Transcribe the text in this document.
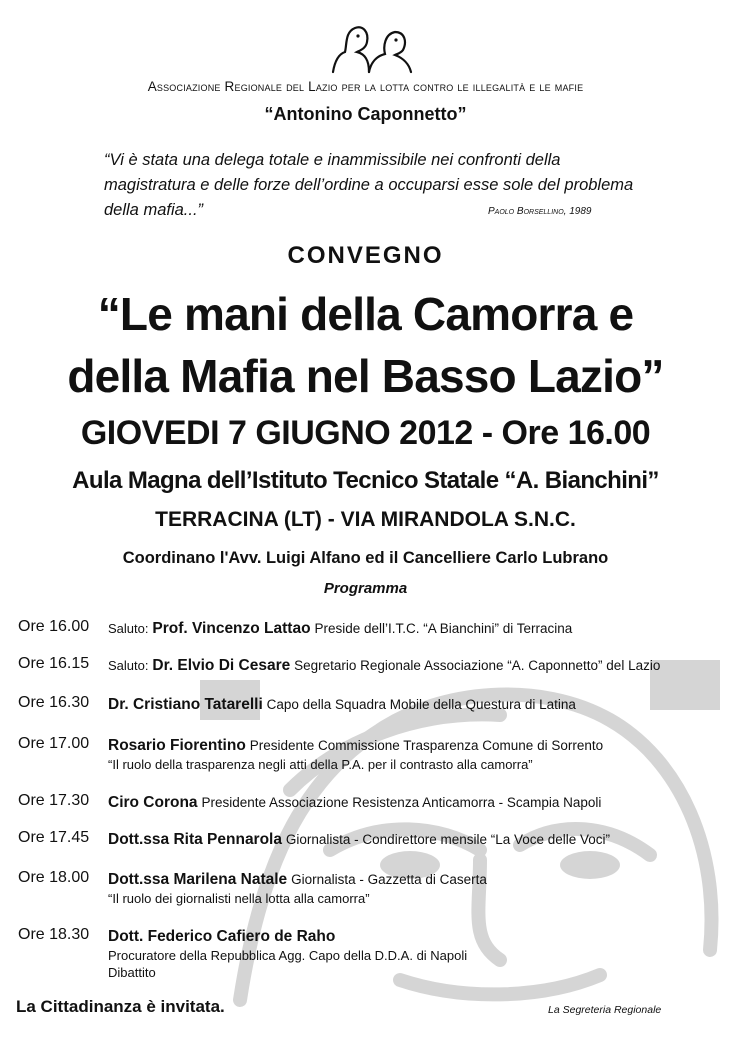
Associazione Regionale del Lazio per la lotta contro le illegalità e le mafie
“Antonino Caponnetto”
“Vi è stata una delega totale e inammissibile nei confronti della magistratura e delle forze dell’ordine a occuparsi esse sole del problema della mafia...”	Paolo Borsellino, 1989
CONVEGNO
“Le mani della Camorra e
della Mafia nel Basso Lazio”
GIOVEDI 7 GIUGNO 2012 - Ore 16.00
Aula Magna dell’Istituto Tecnico Statale “A. Bianchini”
TERRACINA (LT) - VIA MIRANDOLA S.N.C.
Coordinano l'Avv. Luigi Alfano ed il Cancelliere Carlo Lubrano
Programma
Ore 16.00 Saluto: Prof. Vincenzo Lattao Preside dell’I.T.C. “A Bianchini” di Terracina
Ore 16.15 Saluto: Dr. Elvio Di Cesare Segretario Regionale Associazione “A. Caponnetto” del Lazio
Ore 16.30 Dr. Cristiano Tatarelli Capo della Squadra Mobile della Questura di Latina
Ore 17.00 Rosario Fiorentino Presidente Commissione Trasparenza Comune di Sorrento
“Il ruolo della trasparenza negli atti della P.A. per il contrasto alla camorra”
Ore 17.30 Ciro Corona Presidente Associazione Resistenza Anticamorra - Scampia Napoli
Ore 17.45 Dott.ssa Rita Pennarola Giornalista - Condirettore mensile “La Voce delle Voci”
Ore 18.00 Dott.ssa Marilena Natale Giornalista - Gazzetta di Caserta
“Il ruolo dei giornalisti nella lotta alla camorra”
Ore 18.30 Dott. Federico Cafiero de Raho
Procuratore della Repubblica Agg. Capo della D.D.A. di Napoli
Dibattito
La Cittadinanza è invitata.	La Segreteria Regionale
